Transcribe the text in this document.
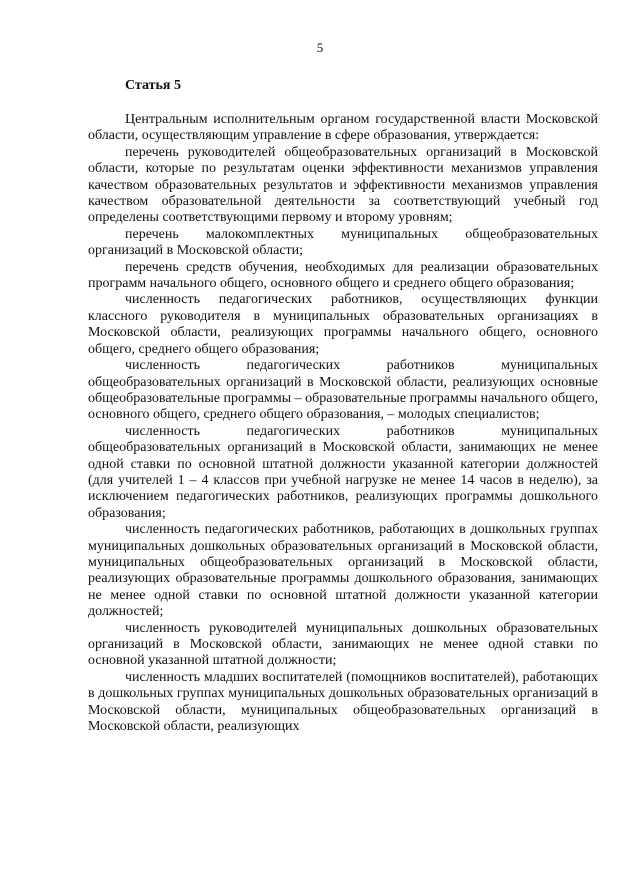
5
Статья 5

Центральным исполнительным органом государственной власти Московской области, осуществляющим управление в сфере образования, утверждается:

перечень руководителей общеобразовательных организаций в Московской области, которые по результатам оценки эффективности механизмов управления качеством образовательных результатов и эффективности механизмов управления качеством образовательной деятельности за соответствующий учебный год определены соответствующими первому и второму уровням;

перечень малокомплектных муниципальных общеобразовательных организаций в Московской области;

перечень средств обучения, необходимых для реализации образовательных программ начального общего, основного общего и среднего общего образования;

численность педагогических работников, осуществляющих функции классного руководителя в муниципальных образовательных организациях в Московской области, реализующих программы начального общего, основного общего, среднего общего образования;

численность педагогических работников муниципальных общеобразовательных организаций в Московской области, реализующих основные общеобразовательные программы – образовательные программы начального общего, основного общего, среднего общего образования, – молодых специалистов;

численность педагогических работников муниципальных общеобразовательных организаций в Московской области, занимающих не менее одной ставки по основной штатной должности указанной категории должностей (для учителей 1 – 4 классов при учебной нагрузке не менее 14 часов в неделю), за исключением педагогических работников, реализующих программы дошкольного образования;

численность педагогических работников, работающих в дошкольных группах муниципальных дошкольных образовательных организаций в Московской области, муниципальных общеобразовательных организаций в Московской области, реализующих образовательные программы дошкольного образования, занимающих не менее одной ставки по основной штатной должности указанной категории должностей;

численность руководителей муниципальных дошкольных образовательных организаций в Московской области, занимающих не менее одной ставки по основной указанной штатной должности;

численность младших воспитателей (помощников воспитателей), работающих в дошкольных группах муниципальных дошкольных образовательных организаций в Московской области, муниципальных общеобразовательных организаций в Московской области, реализующих
